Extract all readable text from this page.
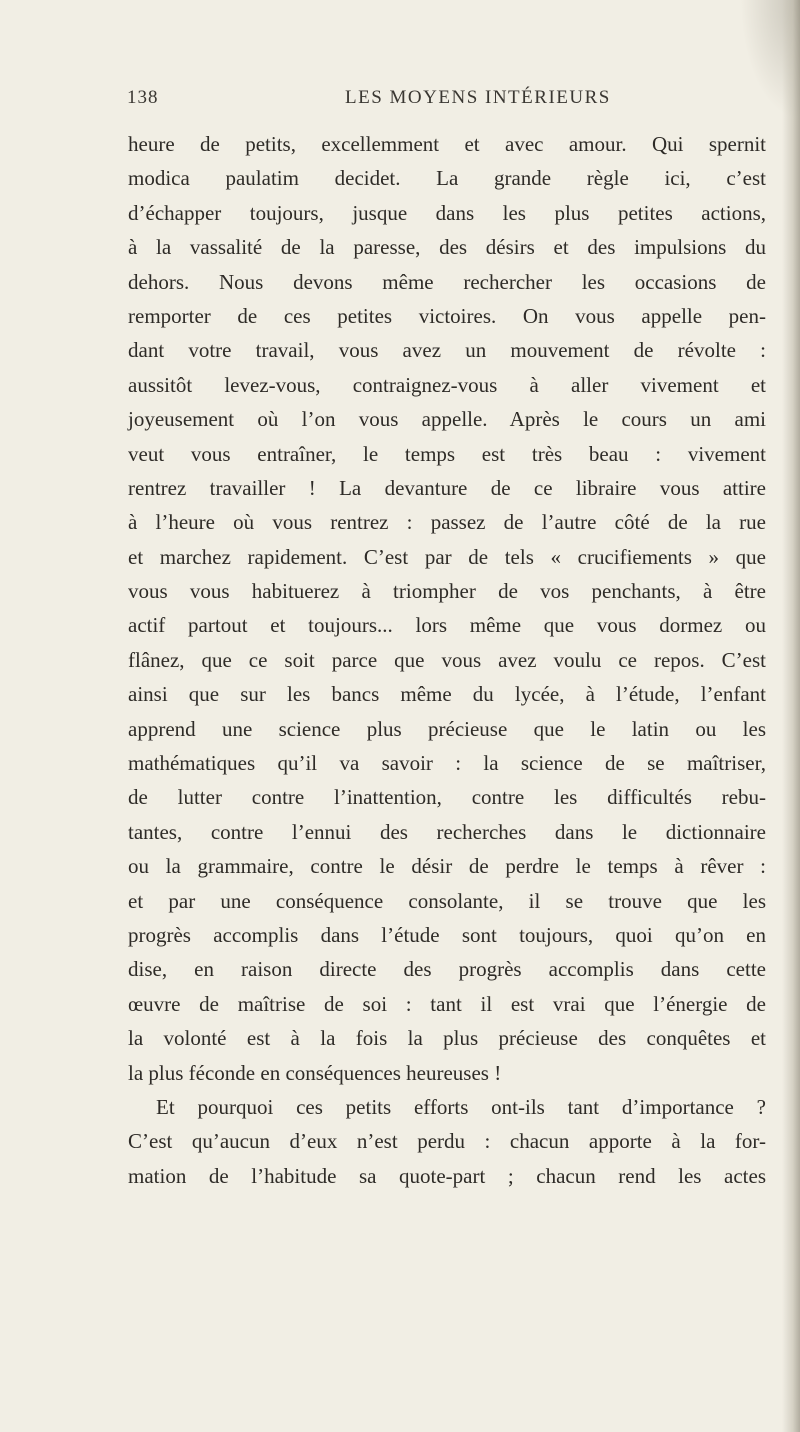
138	LES MOYENS INTÉRIEURS
heure de petits, excellemment et avec amour. Qui spernit
modica paulatim decidet. La grande règle ici, c’est
d’échapper toujours, jusque dans les plus petites actions,
à la vassalité de la paresse, des désirs et des impulsions du
dehors. Nous devons même rechercher les occasions de
remporter de ces petites victoires. On vous appelle pen-
dant votre travail, vous avez un mouvement de révolte :
aussitôt levez-vous, contraignez-vous à aller vivement et
joyeusement où l’on vous appelle. Après le cours un ami
veut vous entraîner, le temps est très beau : vivement
rentrez travailler ! La devanture de ce libraire vous attire
à l’heure où vous rentrez : passez de l’autre côté de la rue
et marchez rapidement. C’est par de tels « crucifiements » que
vous vous habituerez à triompher de vos penchants, à être
actif partout et toujours... lors même que vous dormez ou
flânez, que ce soit parce que vous avez voulu ce repos. C’est
ainsi que sur les bancs même du lycée, à l’étude, l’enfant
apprend une science plus précieuse que le latin ou les
mathématiques qu’il va savoir : la science de se maîtriser,
de lutter contre l’inattention, contre les difficultés rebu-
tantes, contre l’ennui des recherches dans le dictionnaire
ou la grammaire, contre le désir de perdre le temps à rêver :
et par une conséquence consolante, il se trouve que les
progrès accomplis dans l’étude sont toujours, quoi qu’on en
dise, en raison directe des progrès accomplis dans cette
œuvre de maîtrise de soi : tant il est vrai que l’énergie de
la volonté est à la fois la plus précieuse des conquêtes et
la plus féconde en conséquences heureuses !
Et pourquoi ces petits efforts ont-ils tant d’importance ?
C’est qu’aucun d’eux n’est perdu : chacun apporte à la for-
mation de l’habitude sa quote-part ; chacun rend les actes
